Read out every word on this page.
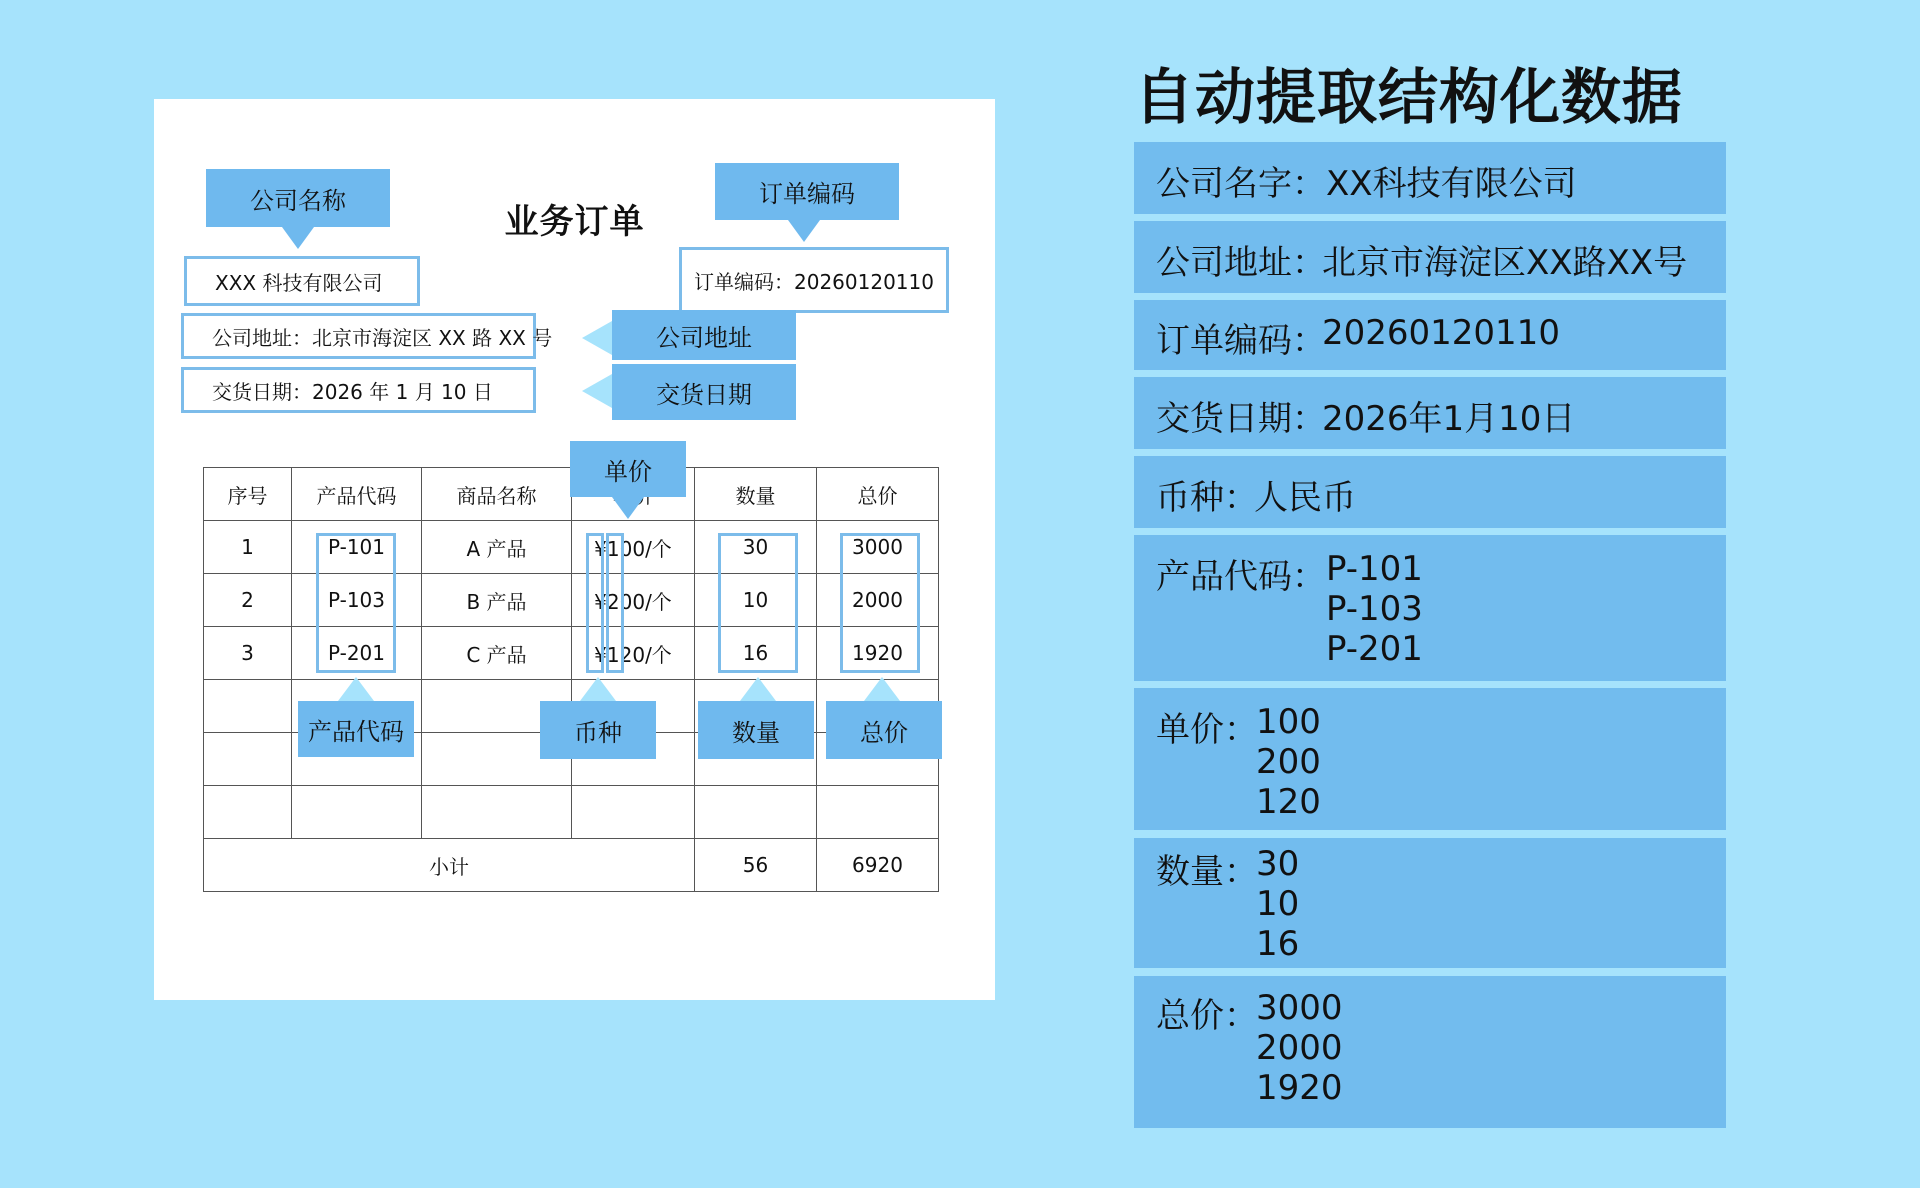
业务订单
公司名称
XXX 科技有限公司
订单编码
订单编码：20260120110
公司地址：北京市海淀区 XX 路 XX 号	公司地址
交货日期：2026 年 1 月 10 日	交货日期
序号	产品代码	商品名称		数量	总价
1	P-101	A 产品	¥100/个	30	3000
2	P-103	B 产品	¥200/个	10	2000
3	P-201	C 产品	¥120/个	16	1920

小计				56	6920
单价
产品代码	币种	数量	总价
自动提取结构化数据
公司名字： XX科技有限公司
公司地址：
北京市海淀区XX路XX号
订单编码：
20260120110
交货日期：
2026年1月10日
币种：
人民币
产品代码： P-101
P-103
P-201
单价：
100
200
120
数量：
30
10
16
总价：
3000
2000
1920
